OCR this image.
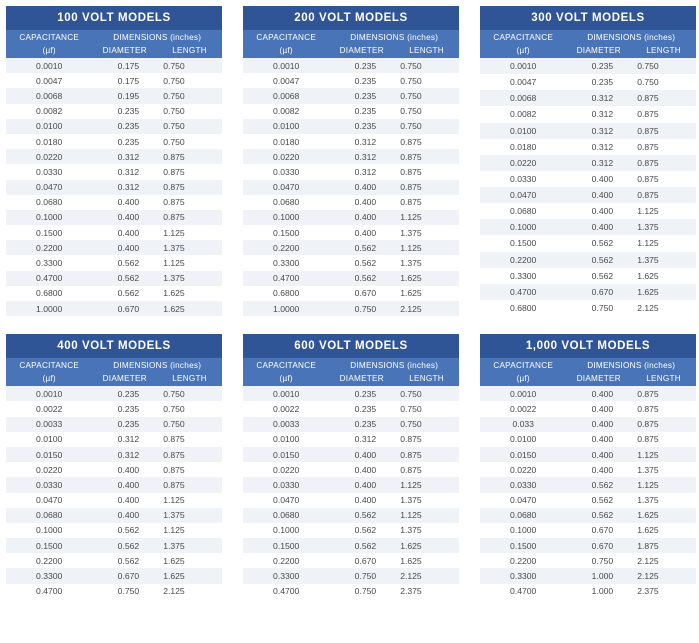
100 VOLT MODELS
CAPACITANCE	DIMENSIONS (inches)	
(µf)	DIAMETER	LENGTH
0.0010	0.175	0.750
0.0047	0.175	0.750
0.0068	0.195	0.750
0.0082	0.235	0.750
0.0100	0.235	0.750
0.0180	0.235	0.750
0.0220	0.312	0.875
0.0330	0.312	0.875
0.0470	0.312	0.875
0.0680	0.400	0.875
0.1000	0.400	0.875
0.1500	0.400	1.125
0.2200	0.400	1.375
0.3300	0.562	1.125
0.4700	0.562	1.375
0.6800	0.562	1.625
1.0000	0.670	1.625
200 VOLT MODELS
CAPACITANCE	DIMENSIONS (inches)	
(µf)	DIAMETER	LENGTH
0.0010	0.235	0.750
0.0047	0.235	0.750
0.0068	0.235	0.750
0.0082	0.235	0.750
0.0100	0.235	0.750
0.0180	0.312	0.875
0.0220	0.312	0.875
0.0330	0.312	0.875
0.0470	0.400	0.875
0.0680	0.400	0.875
0.1000	0.400	1.125
0.1500	0.400	1.375
0.2200	0.562	1.125
0.3300	0.562	1.375
0.4700	0.562	1.625
0.6800	0.670	1.625
1.0000	0.750	2.125
300 VOLT MODELS
CAPACITANCE	DIMENSIONS (inches)	
(µf)	DIAMETER	LENGTH
0.0010	0.235	0.750
0.0047	0.235	0.750
0.0068	0.312	0.875
0.0082	0.312	0.875
0.0100	0.312	0.875
0.0180	0.312	0.875
0.0220	0.312	0.875
0.0330	0.400	0.875
0.0470	0.400	0.875
0.0680	0.400	1.125
0.1000	0.400	1.375
0.1500	0.562	1.125
0.2200	0.562	1.375
0.3300	0.562	1.625
0.4700	0.670	1.625
0.6800	0.750	2.125
400 VOLT MODELS
CAPACITANCE	DIMENSIONS (inches)	
(µf)	DIAMETER	LENGTH
0.0010	0.235	0.750
0.0022	0.235	0.750
0.0033	0.235	0.750
0.0100	0.312	0.875
0.0150	0.312	0.875
0.0220	0.400	0.875
0.0330	0.400	0.875
0.0470	0.400	1.125
0.0680	0.400	1.375
0.1000	0.562	1.125
0.1500	0.562	1.375
0.2200	0.562	1.625
0.3300	0.670	1.625
0.4700	0.750	2.125
600 VOLT MODELS
CAPACITANCE	DIMENSIONS (inches)	
(µf)	DIAMETER	LENGTH
0.0010	0.235	0.750
0.0022	0.235	0.750
0.0033	0.235	0.750
0.0100	0.312	0.875
0.0150	0.400	0.875
0.0220	0.400	0.875
0.0330	0.400	1.125
0.0470	0.400	1.375
0.0680	0.562	1.125
0.1000	0.562	1.375
0.1500	0.562	1.625
0.2200	0.670	1.625
0.3300	0.750	2.125
0.4700	0.750	2.375
1,000 VOLT MODELS
CAPACITANCE	DIMENSIONS (inches)	
(µf)	DIAMETER	LENGTH
0.0010	0.400	0.875
0.0022	0.400	0.875
0.033	0.400	0.875
0.0100	0.400	0.875
0.0150	0.400	1.125
0.0220	0.400	1.375
0.0330	0.562	1.125
0.0470	0.562	1.375
0.0680	0.562	1.625
0.1000	0.670	1.625
0.1500	0.670	1.875
0.2200	0.750	2.125
0.3300	1.000	2.125
0.4700	1.000	2.375
